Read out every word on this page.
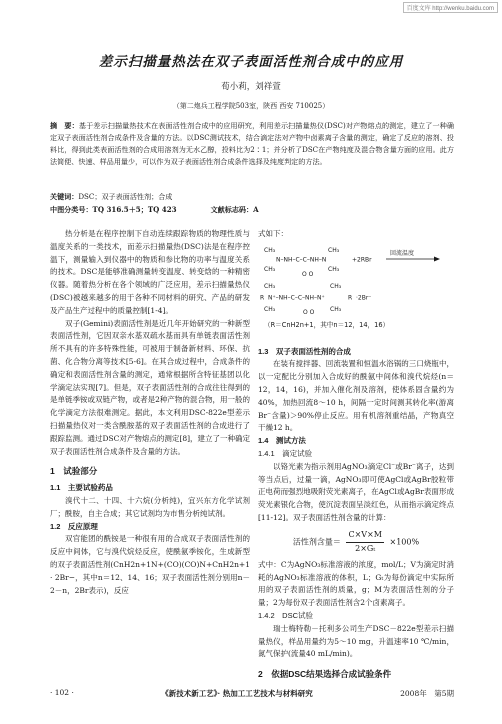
百度文库 http://wenku.baidu.com
差示扫描量热法在双子表面活性剂合成中的应用
荀小莉，刘祥萱
（第二炮兵工程学院503室，陕西 西安 710025）
摘　要：基于差示扫描量热技术在表面活性剂合成中的应用研究，利用差示扫描量热仪(DSC)对产物熔点的测定，建立了一种确定双子表面活性剂合成条件及含量的方法。以DSC测试技术，结合滴定法对产物中卤素离子含量的测定，确定了反应的溶剂、投料比，得到此类表面活性剂的合成用溶剂为无水乙醇，投料比为2∶1；并分析了DSC在产物纯度及混合物含量方面的应用。此方法简便、快速、样品用量少，可以作为双子表面活性剂合成条件选择及纯度判定的方法。
关键词：DSC；双子表面活性剂；合成
中图分类号：TQ 316.5＋5；TQ 423	文献标志码：A

热分析是在程序控制下自动连续跟踪物质的物理性质与温度关系的一类技术，而差示扫描量热(DSC)法是在程序控温下，测量输入到仪器中的物质和参比物的功率与温度关系的技术。DSC是能够准确测量转变温度、转变焓的一种精密仪器。随着热分析在各个领域的广泛应用，差示扫描量热仪(DSC)被越来越多的用于各种不同材料的研究、产品的研发及产品生产过程中的质量控制[1-4]。

双子(Gemini)表面活性剂是近几年开始研究的一种新型表面活性剂，它因双亲水基双疏水基而具有单链表面活性剂所不具有的许多特殊性能，可被用于制备新材料、环保、抗菌、化合物分离等技术[5-6]。在其合成过程中，合成条件的确定和表面活性剂含量的测定，通常根据所含特征基团以化学滴定法实现[7]。但是，双子表面活性剂的合成往往得到的是单链季铵或双链产物，或者是2种产物的混合物，用一般的化学滴定方法很难测定。据此，本文利用DSC-822e型差示扫描量热仪对一类含酰胺基的双子表面活性剂的合成进行了跟踪监测。通过DSC对产物熔点的测定[8]，建立了一种确定双子表面活性剂合成条件及含量的方法。

1　试验部分
1.1　主要试验药品

溴代十二、十四、十六烷(分析纯)，宜兴东方化学试剂厂；酰胺，自主合成；其它试剂均为市售分析纯试剂。

1.2　反应原理

双官能团的酰铵是一种很有用的合成双子表面活性剂的反应中间体，它与溴代烷烃反应，使酰氨季铵化，生成新型的双子表面活性剂(CnH2n+1N+(CO)(CO)N+CnH2n+1 · 2Br−，其中n＝12、14、16；双子表面活性剂分别用n－2－n，2Br表示)，反应

式如下：

CH₃	CH₃
CH₃	CH₃
N–NH–C–C–NH–N
O O
+2RBr
回流温度
CH₃	CH₃
CH₃	CH₃
R N⁺–NH–C–C–NH–N⁺	R
O O
·2Br⁻
（R＝CnH2n+1，其中n＝12，14，16）
1.3　双子表面活性剂的合成

在装有搅拌器、回流装置和恒温水浴锅的三口烧瓶中，以一定配比分别加入合成好的酰氨中间体和溴代烷烃(n＝12，14，16)，并加入催化剂及溶剂，使体系固含量约为40%，加热回流8～10 h，间隔一定时间测其转化率(游离Br⁻含量)＞90%停止反应。用有机溶剂重结晶，产物真空干燥12 h。

1.4　测试方法
1.4.1　滴定试验

以铬光素为指示剂用AgNO₃滴定Cl⁻或Br⁻离子，达到等当点后，过量一滴，AgNO₃即可使AgCl或AgBr胶粒带正电荷而强烈地吸附荧光素离子，在AgCl或AgBr表面形成荧光素银化合物，使沉淀表面呈淡红色，从而指示滴定终点[11-12]。双子表面活性剂含量的计算：

活性剂含量＝ $\frac{C\times V\times M}{\text{2×Gₜ}} \times 100\%$

式中：C为AgNO₃标准溶液的浓度，mol/L；V为滴定时消耗的AgNO₃标准溶液的体积，L；Gₜ为每份滴定中实际所用的双子表面活性剂的质量，g；M为表面活性剂的分子量；2为每份双子表面活性剂含2个卤素离子。

1.4.2　DSC试验

瑞士梅特勒－托利多公司生产DSC－822e型差示扫描量热仪，样品用量约为5～10 mg，升温速率10 ℃/min，氮气保护(流量40 mL/min)。

2　依据DSC结果选择合成试验条件
· 102 ·	《新技术新工艺》· 热加工工艺技术与材料研究	2008年　第5期
